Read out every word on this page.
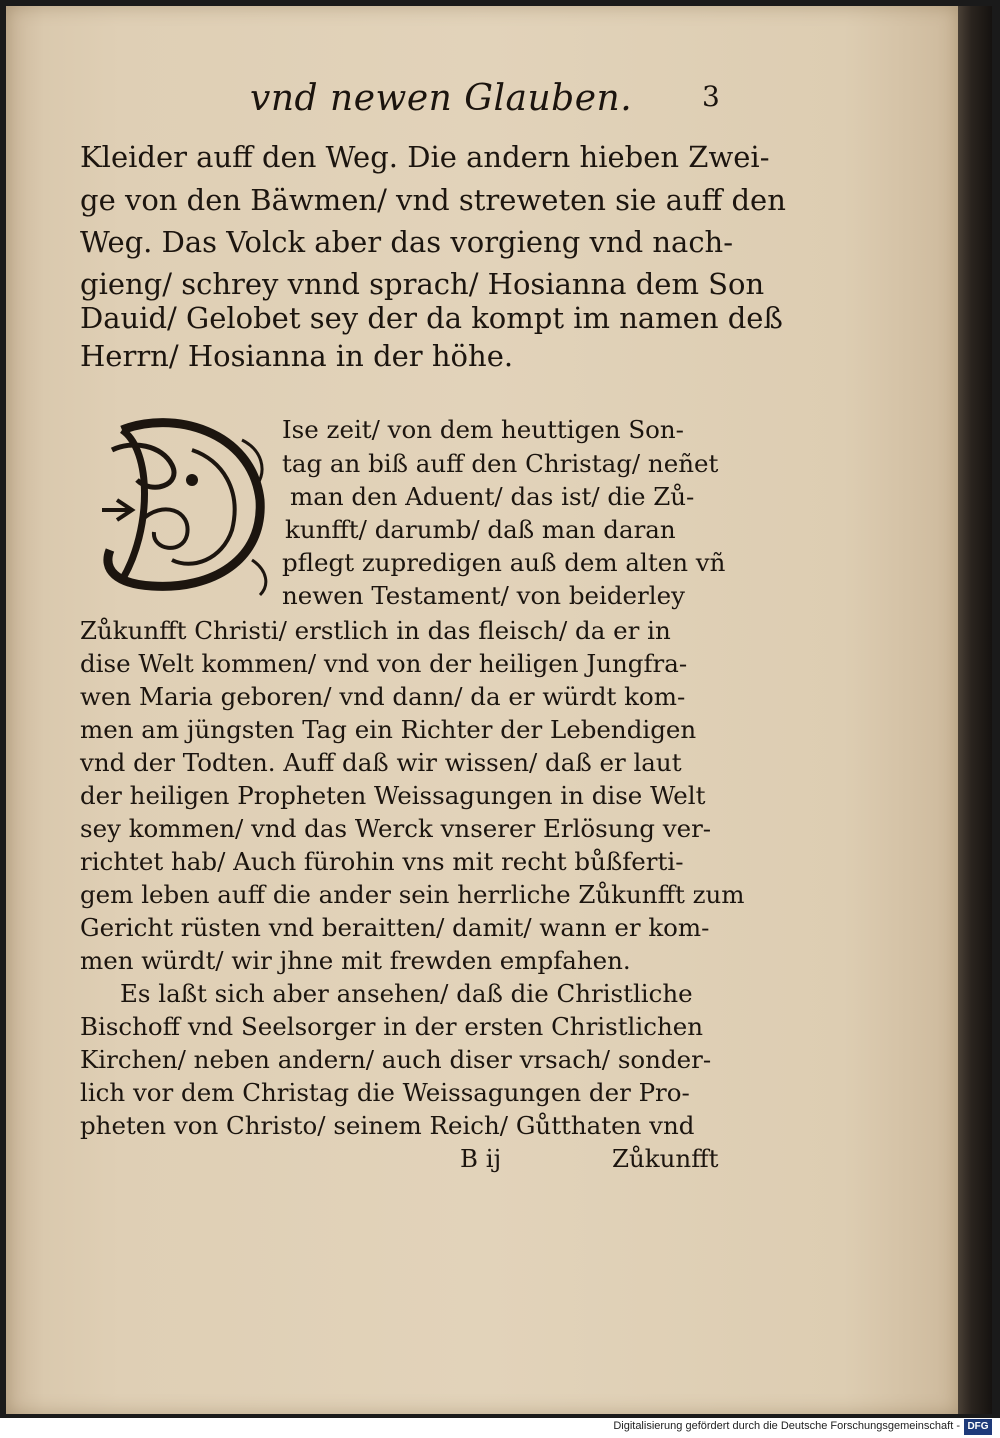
vnd newen Glauben. 3
Kleider auff den Weg. Die andern hieben Zwei-
ge von den Bäwmen/ vnd streweten sie auff den
Weg. Das Volck aber das vorgieng vnd nach-
gieng/ schrey vnnd sprach/ Hosianna dem Son
Dauid/ Gelobet sey der da kompt im namen deß
Herrn/ Hosianna in der höhe.
Ise zeit/ von dem heuttigen Son-
tag an biß auff den Christag/ neñet
man den Aduent/ das ist/ die Zů-
kunfft/ darumb/ daß man daran
pflegt zupredigen auß dem alten vñ
newen Testament/ von beiderley
Zůkunfft Christi/ erstlich in das fleisch/ da er in
dise Welt kommen/ vnd von der heiligen Jungfra-
wen Maria geboren/ vnd dann/ da er würdt kom-
men am jüngsten Tag ein Richter der Lebendigen
vnd der Todten. Auff daß wir wissen/ daß er laut
der heiligen Propheten Weissagungen in dise Welt
sey kommen/ vnd das Werck vnserer Erlösung ver-
richtet hab/ Auch fürohin vns mit recht bůßferti-
gem leben auff die ander sein herrliche Zůkunfft zum
Gericht rüsten vnd beraitten/ damit/ wann er kom-
men würdt/ wir jhne mit frewden empfahen.
Es laßt sich aber ansehen/ daß die Christliche
Bischoff vnd Seelsorger in der ersten Christlichen
Kirchen/ neben andern/ auch diser vrsach/ sonder-
lich vor dem Christag die Weissagungen der Pro-
pheten von Christo/ seinem Reich/ Gůtthaten vnd
B ij	Zůkunfft
Digitalisierung gefördert durch die Deutsche Forschungsgemeinschaft - DFG
